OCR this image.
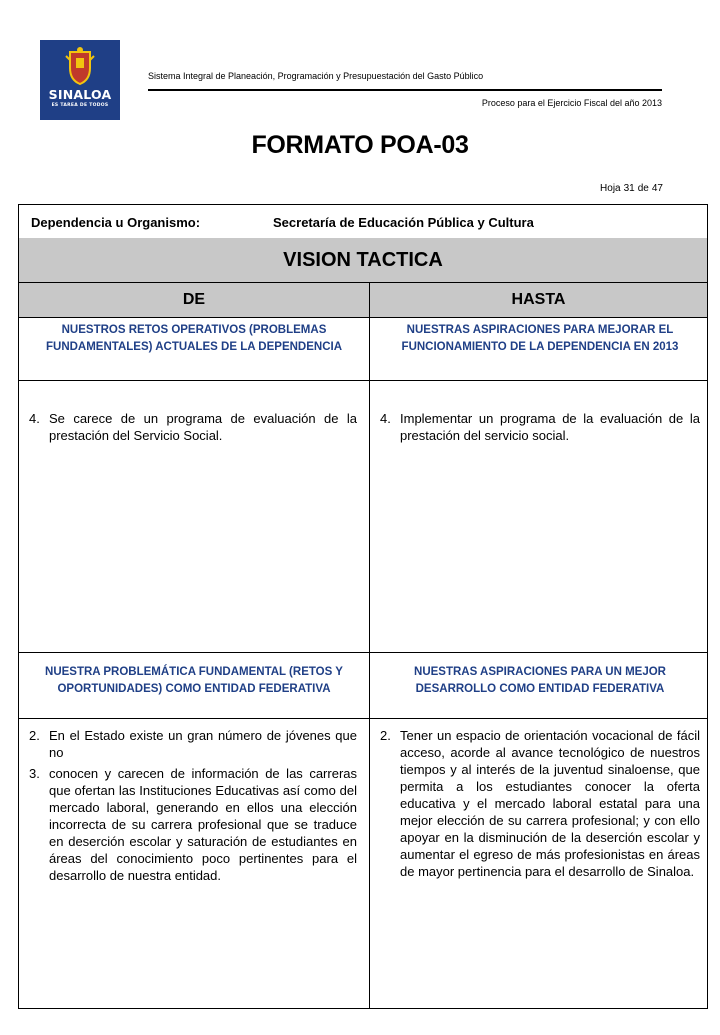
SINALOA
ES TAREA DE TODOS
Sistema Integral de Planeación, Programación y Presupuestación del Gasto Público
Proceso para el Ejercicio Fiscal del año 2013
FORMATO POA-03
Hoja 31 de 47
Dependencia u Organismo:	Secretaría de Educación Pública y Cultura
VISION TACTICA
DE	HASTA
NUESTROS RETOS OPERATIVOS (PROBLEMAS FUNDAMENTALES) ACTUALES DE LA DEPENDENCIA
NUESTRAS ASPIRACIONES PARA MEJORAR EL FUNCIONAMIENTO DE LA DEPENDENCIA EN 2013
4. Se carece de un programa de evaluación de la prestación del Servicio Social.
4. Implementar un programa de la evaluación de la prestación del servicio social.
NUESTRA PROBLEMÁTICA FUNDAMENTAL (RETOS Y OPORTUNIDADES) COMO ENTIDAD FEDERATIVA
NUESTRAS ASPIRACIONES PARA UN MEJOR DESARROLLO COMO ENTIDAD FEDERATIVA
2. En el Estado existe un gran número de jóvenes que no
3. conocen y carecen de información de las carreras que ofertan las Instituciones Educativas así como del mercado laboral, generando en ellos una elección incorrecta de su carrera profesional que se traduce en deserción escolar y saturación de estudiantes en áreas del conocimiento poco pertinentes para el desarrollo de nuestra entidad.
2. Tener un espacio de orientación vocacional de fácil acceso, acorde al avance tecnológico de nuestros tiempos y al interés de la juventud sinaloense, que permita a los estudiantes conocer la oferta educativa y el mercado laboral estatal para una mejor elección de su carrera profesional; y con ello apoyar en la disminución de la deserción escolar y aumentar el egreso de más profesionistas en áreas de mayor pertinencia para el desarrollo de Sinaloa.
